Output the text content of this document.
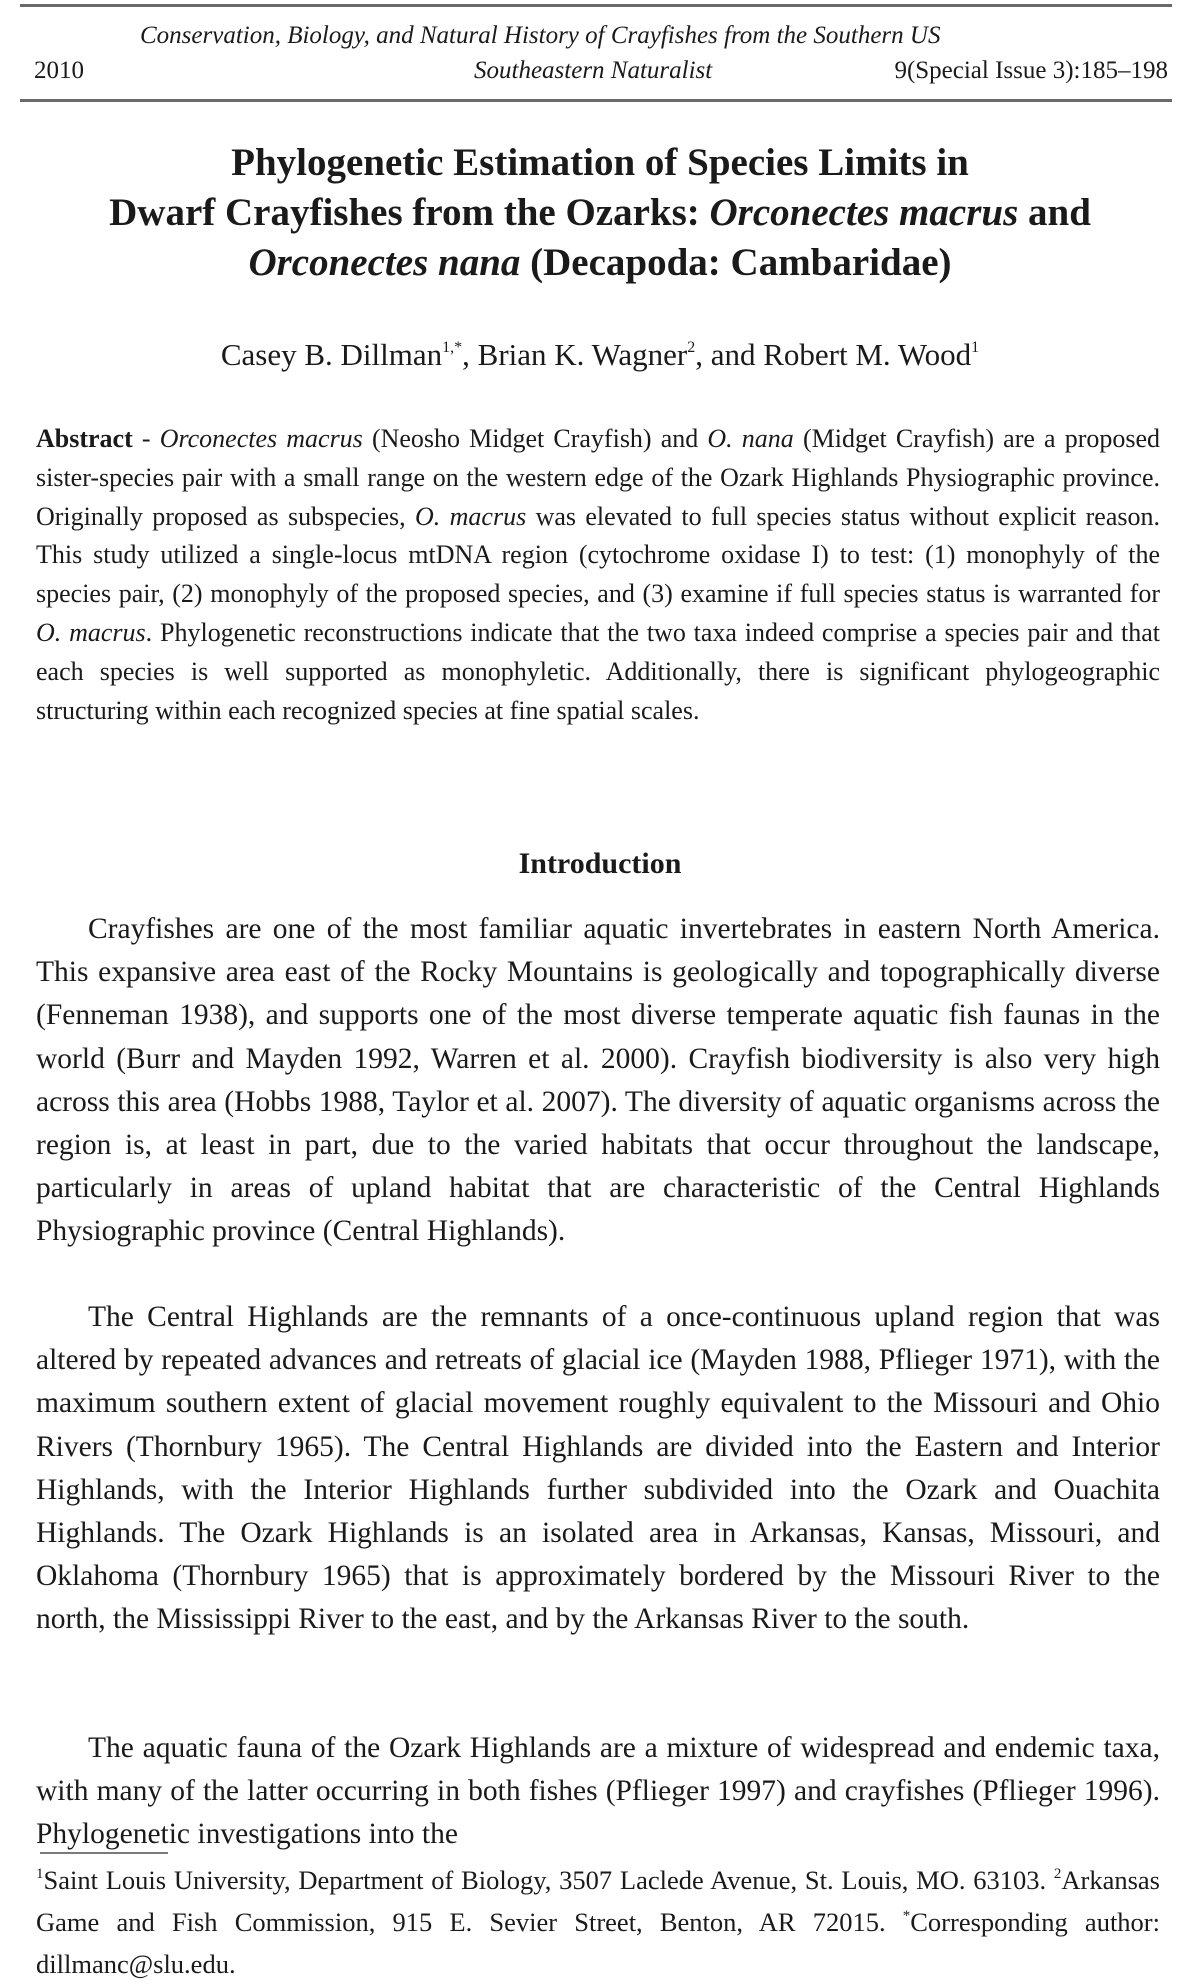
Conservation, Biology, and Natural History of Crayfishes from the Southern US
2010	Southeastern Naturalist	9(Special Issue 3):185–198
Phylogenetic Estimation of Species Limits in
Dwarf Crayfishes from the Ozarks: Orconectes macrus and
Orconectes nana (Decapoda: Cambaridae)
Casey B. Dillman$^{1,*}$, Brian K. Wagner$^2$, and Robert M. Wood$^1$

Abstract - Orconectes macrus (Neosho Midget Crayfish) and O. nana (Midget Crayfish) are a proposed sister-species pair with a small range on the western edge of the Ozark Highlands Physiographic province. Originally proposed as subspecies, O. macrus was elevated to full species status without explicit reason. This study utilized a single-locus mtDNA region (cytochrome oxidase I) to test: (1) monophyly of the species pair, (2) monophyly of the proposed species, and (3) examine if full species status is warranted for O. macrus. Phylogenetic reconstructions indicate that the two taxa indeed comprise a species pair and that each species is well supported as monophyletic. Additionally, there is significant phylogeographic structuring within each recognized species at fine spatial scales.

Introduction

Crayfishes are one of the most familiar aquatic invertebrates in eastern North America. This expansive area east of the Rocky Mountains is geologically and topographically diverse (Fenneman 1938), and supports one of the most diverse temperate aquatic fish faunas in the world (Burr and Mayden 1992, Warren et al. 2000). Crayfish biodiversity is also very high across this area (Hobbs 1988, Taylor et al. 2007). The diversity of aquatic organisms across the region is, at least in part, due to the varied habitats that occur throughout the landscape, particularly in areas of upland habitat that are characteristic of the Central Highlands Physiographic province (Central Highlands).

The Central Highlands are the remnants of a once-continuous upland region that was altered by repeated advances and retreats of glacial ice (Mayden 1988, Pflieger 1971), with the maximum southern extent of glacial movement roughly equivalent to the Missouri and Ohio Rivers (Thornbury 1965). The Central Highlands are divided into the Eastern and Interior Highlands, with the Interior Highlands further subdivided into the Ozark and Ouachita Highlands. The Ozark Highlands is an isolated area in Arkansas, Kansas, Missouri, and Oklahoma (Thornbury 1965) that is approximately bordered by the Missouri River to the north, the Mississippi River to the east, and by the Arkansas River to the south.

The aquatic fauna of the Ozark Highlands are a mixture of widespread and endemic taxa, with many of the latter occurring in both fishes (Pflieger 1997) and crayfishes (Pflieger 1996). Phylogenetic investigations into the

$^1$Saint Louis University, Department of Biology, 3507 Laclede Avenue, St. Louis, MO. 63103. $^2$Arkansas Game and Fish Commission, 915 E. Sevier Street, Benton, AR 72015. *Corresponding author: dillmanc@slu.edu.
